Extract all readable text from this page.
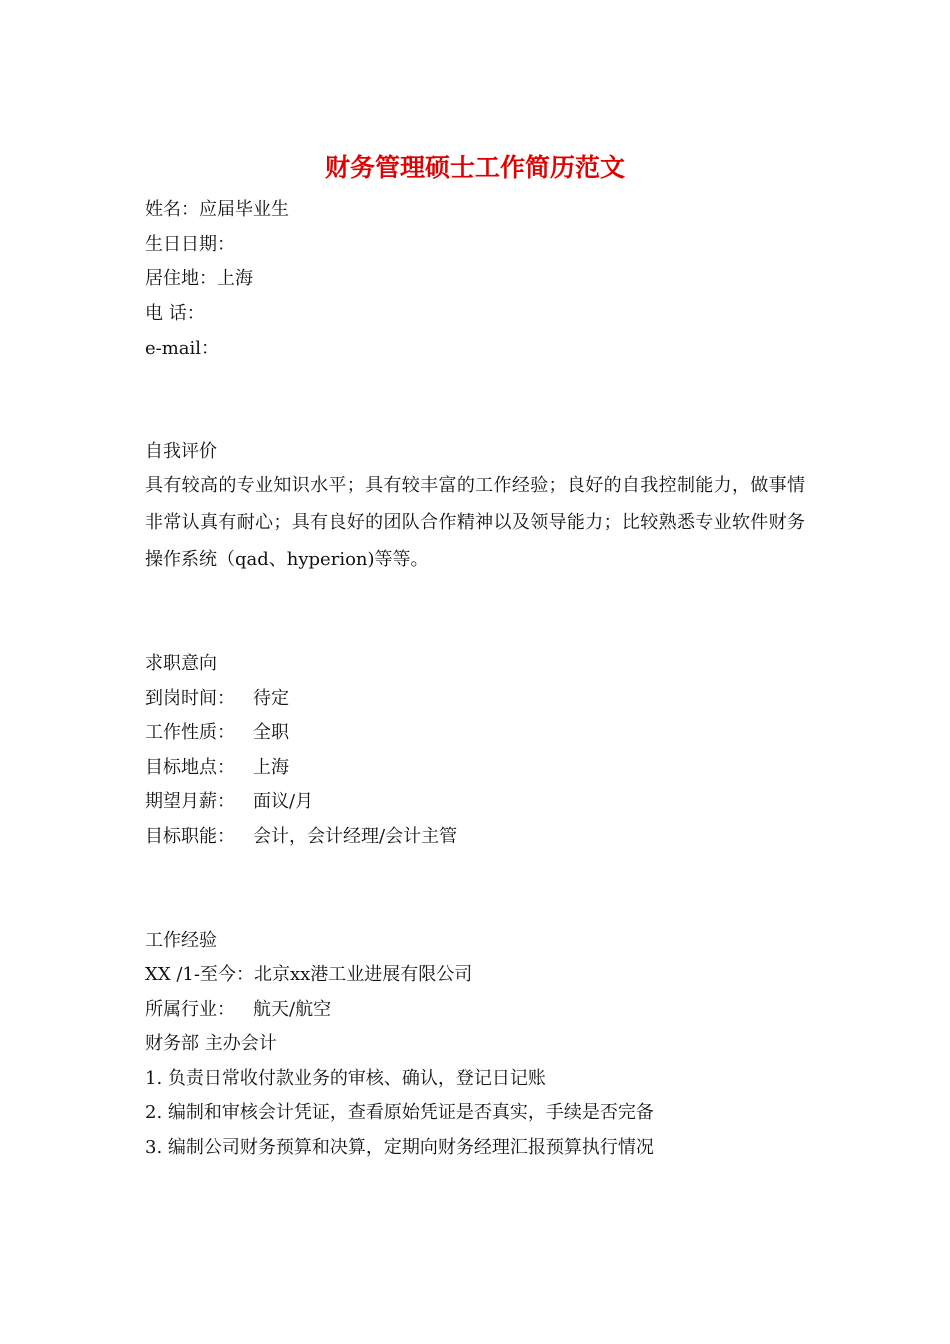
财务管理硕士工作简历范文
姓名：应届毕业生
生日日期：
居住地：上海
电 话：
e-mail：
自我评价
具有较高的专业知识水平；具有较丰富的工作经验；良好的自我控制能力，做事情非常认真有耐心；具有良好的团队合作精神以及领导能力；比较熟悉专业软件财务操作系统（qad、hyperion)等等。
求职意向
到岗时间： 待定
工作性质： 全职
目标地点： 上海
期望月薪： 面议/月
目标职能： 会计，会计经理/会计主管
工作经验
XX /1-至今：北京xx港工业进展有限公司
所属行业： 航天/航空
财务部 主办会计
1. 负责日常收付款业务的审核、确认，登记日记账
2. 编制和审核会计凭证，查看原始凭证是否真实，手续是否完备
3. 编制公司财务预算和决算，定期向财务经理汇报预算执行情况
